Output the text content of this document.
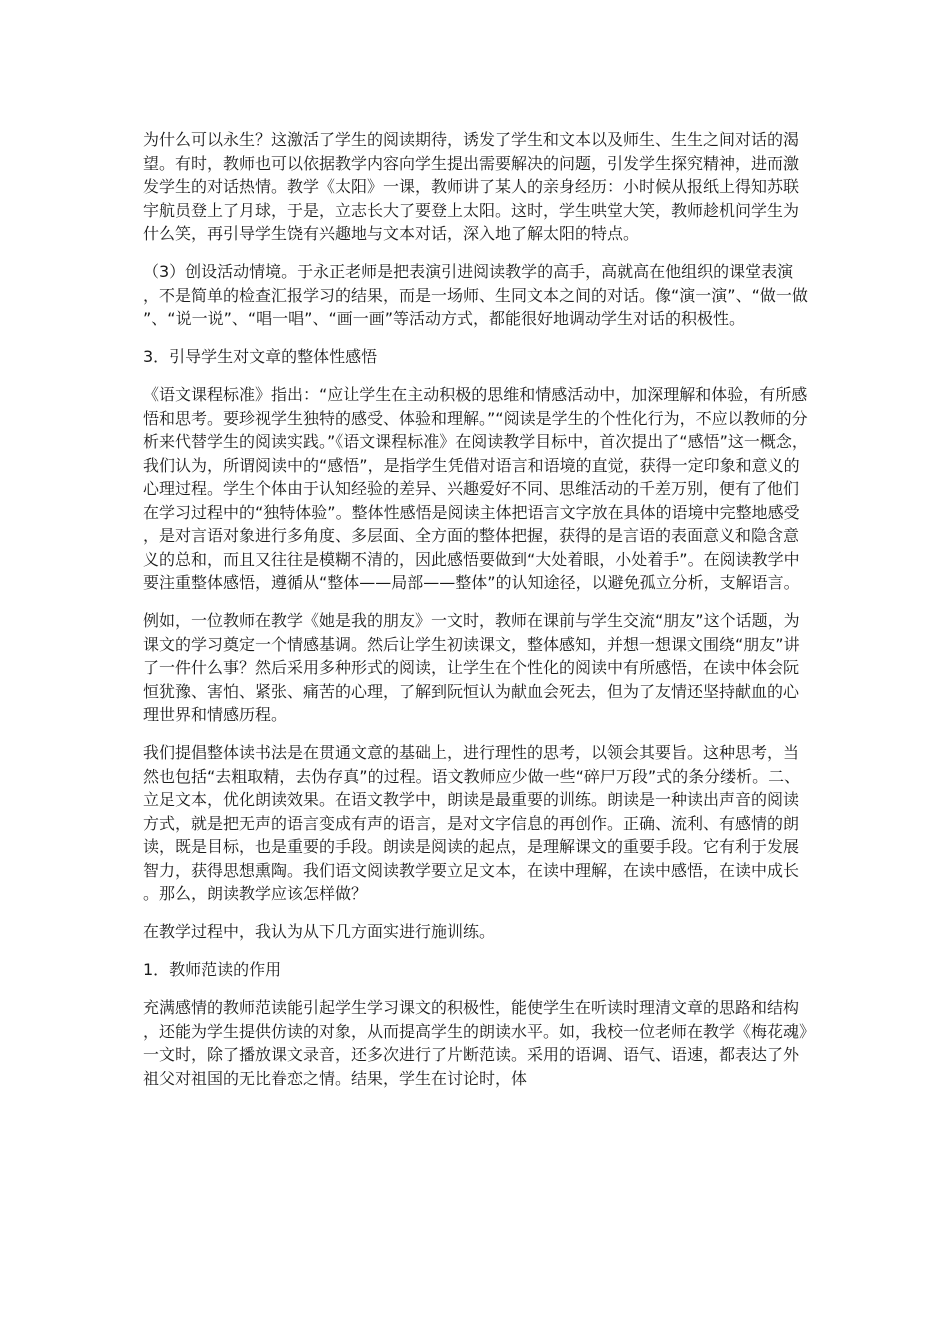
为什么可以永生？这激活了学生的阅读期待，诱发了学生和文本以及师生、生生之间对话的渴望。有时，教师也可以依据教学内容向学生提出需要解决的问题，引发学生探究精神，进而激发学生的对话热情。教学《太阳》一课，教师讲了某人的亲身经历：小时候从报纸上得知苏联宇航员登上了月球，于是，立志长大了要登上太阳。这时，学生哄堂大笑，教师趁机问学生为什么笑，再引导学生饶有兴趣地与文本对话，深入地了解太阳的特点。

（3）创设活动情境。于永正老师是把表演引进阅读教学的高手，高就高在他组织的课堂表演，不是简单的检查汇报学习的结果，而是一场师、生同文本之间的对话。像“演一演”、“做一做”、“说一说”、“唱一唱”、“画一画”等活动方式，都能很好地调动学生对话的积极性。

3．引导学生对文章的整体性感悟

《语文课程标准》指出：“应让学生在主动积极的思维和情感活动中，加深理解和体验，有所感悟和思考。要珍视学生独特的感受、体验和理解。”“阅读是学生的个性化行为，不应以教师的分析来代替学生的阅读实践。”《语文课程标准》在阅读教学目标中，首次提出了“感悟”这一概念，我们认为，所谓阅读中的“感悟”，是指学生凭借对语言和语境的直觉，获得一定印象和意义的心理过程。学生个体由于认知经验的差异、兴趣爱好不同、思维活动的千差万别，便有了他们在学习过程中的“独特体验”。整体性感悟是阅读主体把语言文字放在具体的语境中完整地感受，是对言语对象进行多角度、多层面、全方面的整体把握，获得的是言语的表面意义和隐含意义的总和，而且又往往是模糊不清的，因此感悟要做到“大处着眼，小处着手”。在阅读教学中要注重整体感悟，遵循从“整体——局部——整体”的认知途径，以避免孤立分析，支解语言。

例如，一位教师在教学《她是我的朋友》一文时，教师在课前与学生交流“朋友”这个话题，为课文的学习奠定一个情感基调。然后让学生初读课文，整体感知，并想一想课文围绕“朋友”讲了一件什么事？然后采用多种形式的阅读，让学生在个性化的阅读中有所感悟，在读中体会阮恒犹豫、害怕、紧张、痛苦的心理，了解到阮恒认为献血会死去，但为了友情还坚持献血的心理世界和情感历程。

我们提倡整体读书法是在贯通文意的基础上，进行理性的思考，以领会其要旨。这种思考，当然也包括“去粗取精，去伪存真”的过程。语文教师应少做一些“碎尸万段”式的条分缕析。二、立足文本，优化朗读效果。在语文教学中，朗读是最重要的训练。朗读是一种读出声音的阅读方式，就是把无声的语言变成有声的语言，是对文字信息的再创作。正确、流利、有感情的朗读，既是目标，也是重要的手段。朗读是阅读的起点，是理解课文的重要手段。它有利于发展智力，获得思想熏陶。我们语文阅读教学要立足文本，在读中理解，在读中感悟，在读中成长。那么，朗读教学应该怎样做？

在教学过程中，我认为从下几方面实进行施训练。

1．教师范读的作用

充满感情的教师范读能引起学生学习课文的积极性，能使学生在听读时理清文章的思路和结构，还能为学生提供仿读的对象，从而提高学生的朗读水平。如，我校一位老师在教学《梅花魂》一文时，除了播放课文录音，还多次进行了片断范读。采用的语调、语气、语速，都表达了外祖父对祖国的无比眷恋之情。结果，学生在讨论时，体
